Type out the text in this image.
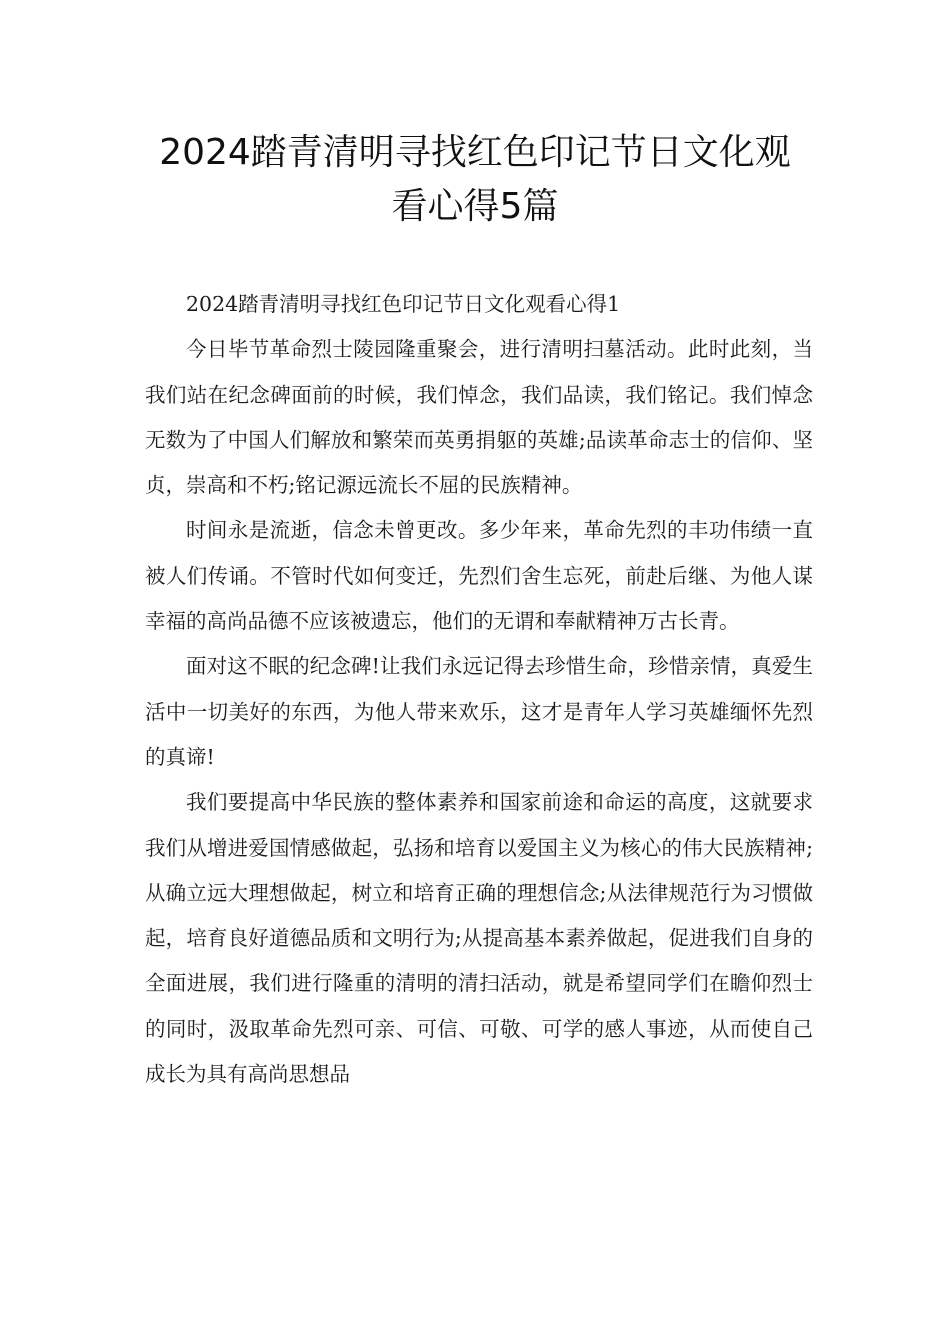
2024踏青清明寻找红色印记节日文化观
看心得5篇

2024踏青清明寻找红色印记节日文化观看心得1

今日毕节革命烈士陵园隆重聚会，进行清明扫墓活动。此时此刻，当我们站在纪念碑面前的时候，我们悼念，我们品读，我们铭记。我们悼念无数为了中国人们解放和繁荣而英勇捐躯的英雄;品读革命志士的信仰、坚贞，崇高和不朽;铭记源远流长不屈的民族精神。

时间永是流逝，信念未曾更改。多少年来，革命先烈的丰功伟绩一直被人们传诵。不管时代如何变迁，先烈们舍生忘死，前赴后继、为他人谋幸福的高尚品德不应该被遗忘，他们的无谓和奉献精神万古长青。

面对这不眠的纪念碑!让我们永远记得去珍惜生命，珍惜亲情，真爱生活中一切美好的东西，为他人带来欢乐，这才是青年人学习英雄缅怀先烈的真谛!

我们要提高中华民族的整体素养和国家前途和命运的高度，这就要求我们从增进爱国情感做起，弘扬和培育以爱国主义为核心的伟大民族精神;从确立远大理想做起，树立和培育正确的理想信念;从法律规范行为习惯做起，培育良好道德品质和文明行为;从提高基本素养做起，促进我们自身的全面进展，我们进行隆重的清明的清扫活动，就是希望同学们在瞻仰烈士的同时，汲取革命先烈可亲、可信、可敬、可学的感人事迹，从而使自己成长为具有高尚思想品
